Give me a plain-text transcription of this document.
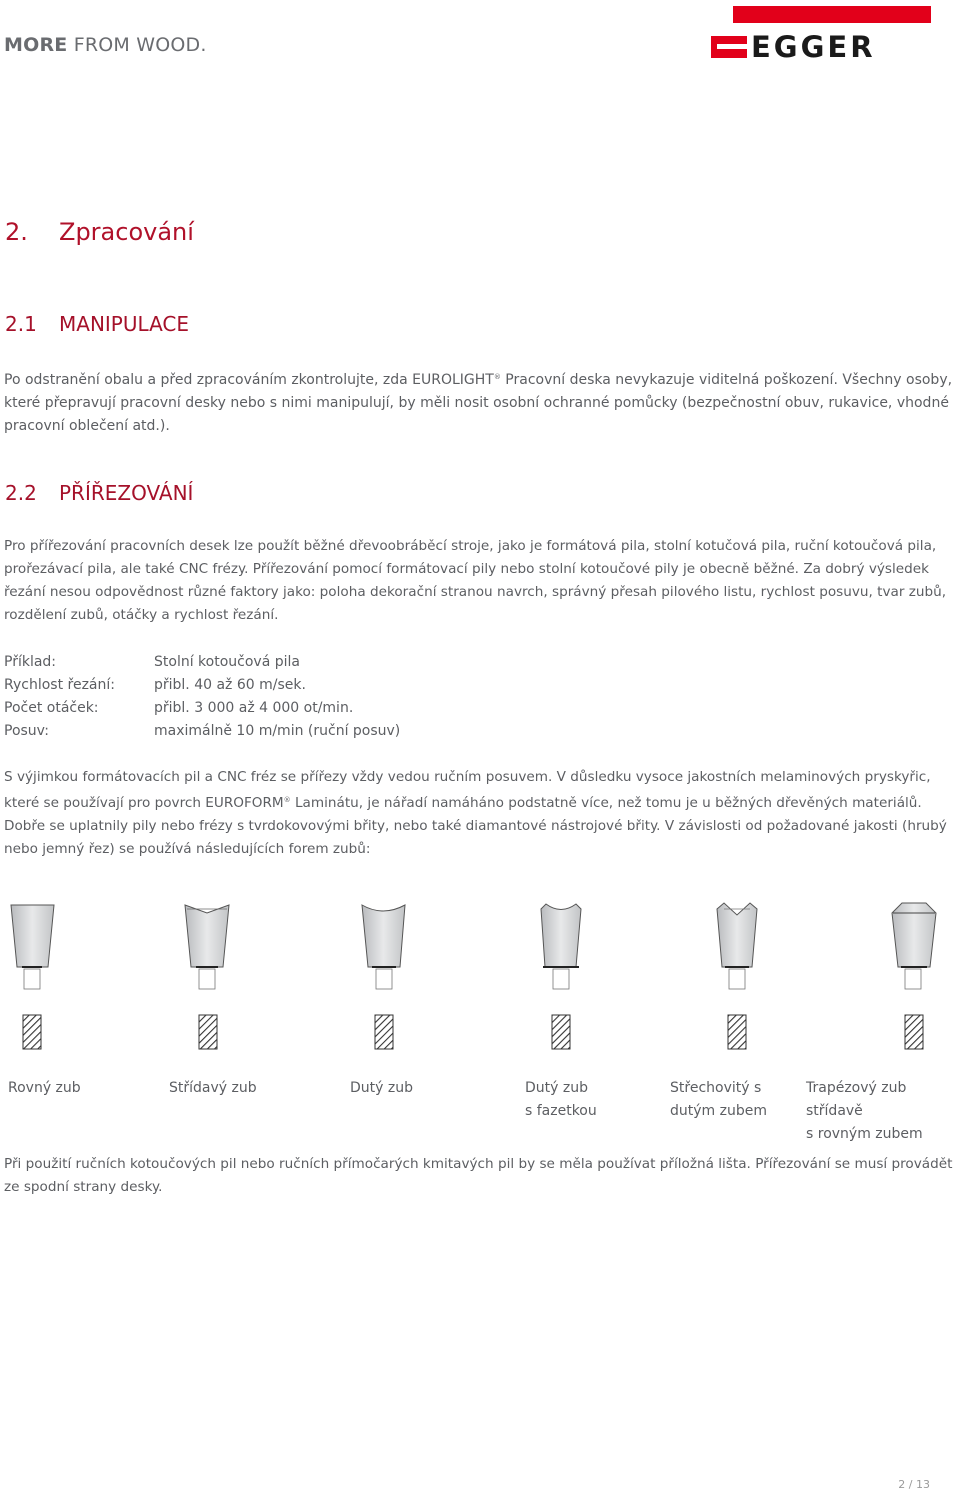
MORE FROM WOOD.	EGGER
2. Zpracování
2.1 MANIPULACE

Po odstranění obalu a před zpracováním zkontrolujte, zda EUROLIGHT® Pracovní deska nevykazuje viditelná poškození. Všechny osoby, které přepravují pracovní desky nebo s nimi manipulují, by měli nosit osobní ochranné pomůcky (bezpečnostní obuv, rukavice, vhodné pracovní oblečení atd.).

2.2 PŘÍŘEZOVÁNÍ

Pro přířezování pracovních desek lze použít běžné dřevoobráběcí stroje, jako je formátová pila, stolní kotučová pila, ruční kotoučová pila, prořezávací pila, ale také CNC frézy. Přířezování pomocí formátovací pily nebo stolní kotoučové pily je obecně běžné. Za dobrý výsledek řezání nesou odpovědnost různé faktory jako: poloha dekorační stranou navrch, správný přesah pilového listu, rychlost posuvu, tvar zubů, rozdělení zubů, otáčky a rychlost řezání.

Příklad:	Stolní kotoučová pila
Rychlost řezání:	přibl. 40 až 60 m/sek.
Počet otáček:	přibl. 3 000 až 4 000 ot/min.
Posuv:	maximálně 10 m/min (ruční posuv)

S výjimkou formátovacích pil a CNC fréz se přířezy vždy vedou ručním posuvem. V důsledku vysoce jakostních melaminových pryskyřic, které se používají pro povrch EUROFORM® Laminátu, je nářadí namáháno podstatně více, než tomu je u běžných dřevěných materiálů. Dobře se uplatnily pily nebo frézy s tvrdokovovými břity, nebo také diamantové nástrojové břity. V závislosti od požadované jakosti (hrubý nebo jemný řez) se používá následujících forem zubů:

Rovný zub	Střídavý zub	Dutý zub	Dutý zub
s fazetkou
Střechovitý s
dutým zubem
Trapézový zub střídavě
s rovným zubem

Při použití ručních kotoučových pil nebo ručních přímočarých kmitavých pil by se měla používat příložná lišta. Přířezování se musí provádět ze spodní strany desky.

2 / 13
